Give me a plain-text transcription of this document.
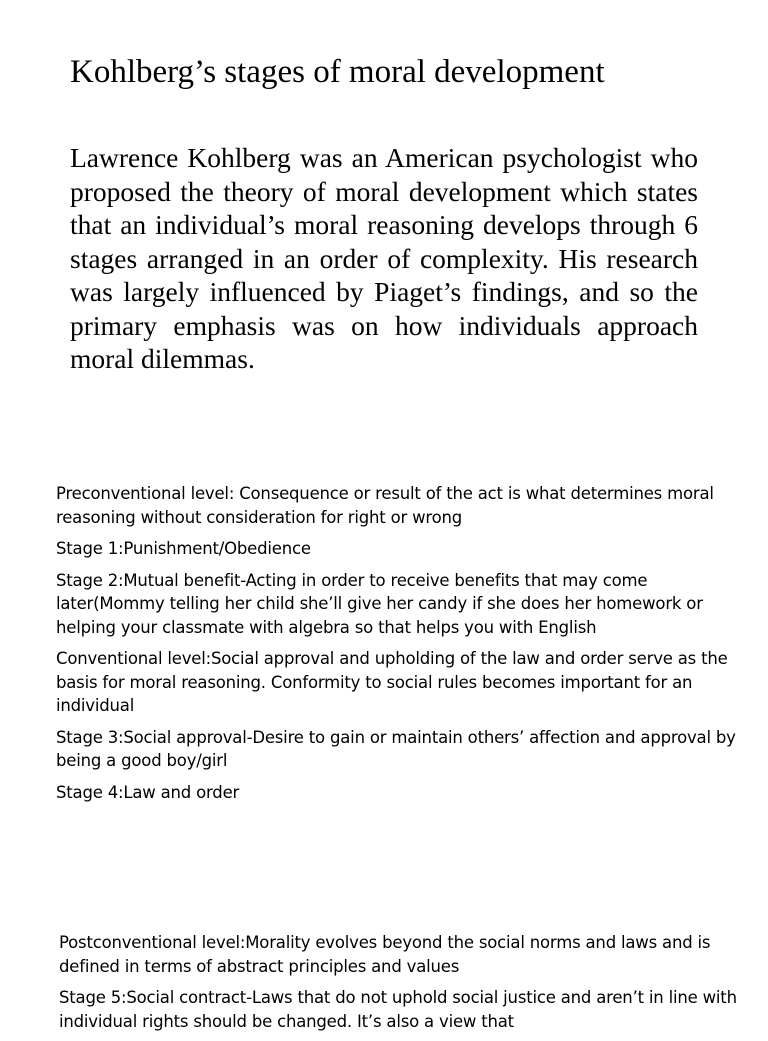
Kohlberg’s stages of moral development

Lawrence Kohlberg was an American psychologist who proposed the theory of moral development which states that an individual’s moral reasoning develops through 6 stages arranged in an order of complexity. His research was largely influenced by Piaget’s findings, and so the primary emphasis was on how individuals approach moral dilemmas.

Preconventional level: Consequence or result of the act is what determines moral reasoning without consideration for right or wrong

Stage 1:Punishment/Obedience

Stage 2:Mutual benefit-Acting in order to receive benefits that may come later(Mommy telling her child she’ll give her candy if she does her homework or helping your classmate with algebra so that helps you with English

Conventional level:Social approval and upholding of the law and order serve as the basis for moral reasoning. Conformity to social rules becomes important for an individual

Stage 3:Social approval-Desire to gain or maintain others’ affection and approval by being a good boy/girl

Stage 4:Law and order

Postconventional level:Morality evolves beyond the social norms and laws and is defined in terms of abstract principles and values

Stage 5:Social contract-Laws that do not uphold social justice and aren’t in line with individual rights should be changed. It’s also a view that
